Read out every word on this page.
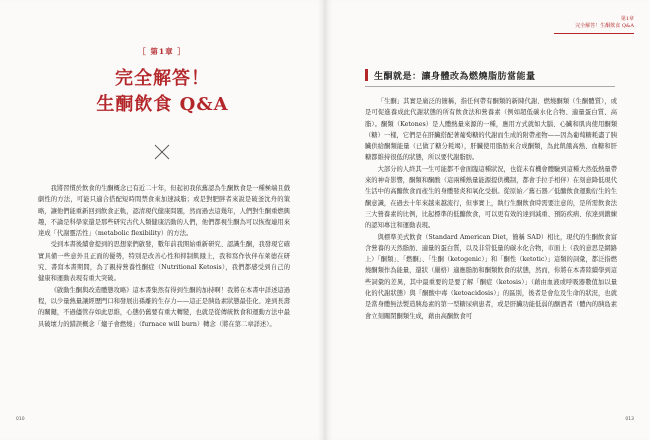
［ 第1章 ］
完全解答！
生酮飲食 Q&A

我將習慣於飲食的生酮概念已有近二十年，但起初我依舊認為生酮飲食是一種極端且戲劇性的方法，可能只適合搭配短時間禁食來加速減脂；或是對肥胖者來說是破釜沈舟的策略，讓他們能重新回到飲食正軌，認清現代健康問題，然而過去這幾年，人們對生酮重燃興趣，不論是科學家還是那些研究古代人類健康活動的人們，他們都視生酮為可以恢復連用來達成「代謝靈活性」（metabolic flexibility）的方法。

受到本書後續會提到的思想家們啟發，數年前我開始重新研究、認識生酮，我發現它確實具備一些意外且正面的優勢，特別是改善心性和抑制飢餓上，我和寫作伙伴布萊德在研究、書寫本書期間，為了親持營養性酮症（Nutritional Ketosis），我們都感受到自己的健康和運動表現有重大突破。

《啟動生酮與改造體態攻略》這本書集然有得到生酮的加持啊！我將在本書中詳述這過程，以少量熱量讓經歷門口和發展出孫離的生存力——這正是胰島素狀態最佳化、達到長壽的關鍵，不過儘管存如此思維，心態仍舊要有重大轉變，也就是從傳統飲食和運動方法中最具破壞力的錯誤概念「爐子會燃燒」（furnace will burn）轉念（將在第二章詳述）。

010
第1章
完全解答！生酮飲食 Q&A
生酮就是：讓身體改為燃燒脂肪當能量

「生酮」其實是廣泛的簡稱，指任何帶有酮類的新陳代謝、燃燒酮類（生酮體質），或是可促進養成此代謝狀態的所有飲食法和營養素（例如超低碳水化合物、適量蛋白質、高脂）。酮類（Ketones）是人體熱量來源的一種，應用方式就如大腦、心臟和肌肉使用酮類（糖）一樣，它們是在肝臟搭配著葡萄糖的代謝而生成的附帶產物——因為葡萄糖耗盡了胰臟供給酮類能量（已做了糖分耗竭），肝臟使用脂肪來合成酮類，為此飢餓高熱、血糖和肝糖都維持很低的狀態，所以要代謝脂肪。

大部分的人終其一生可能都不會面臨這種狀況，也從未有機會體驗到這種大然低熱量帶來的神奇影響，酮類和酮酸（這兩種熱量能源提供機制，都會手拉手相伴）在刻意降低現代生活中的高醣飲食而產生的身體發炎和氧化受損。從原始／舊石器／低醣飲食運動衍生的生酮意識，在過去十年來越來越流行，但事實上，執行生酮飲食時需要注意的，是所需飲食法三大營養素的比例，比起標準的低醣飲食，可以更有效的達到減重、預防疾病、依達到鍛練的認知專注和運動表現。

與標準美式飲食（Standard American Diet，簡稱 SAD）相比，現代的生酮飲食富含營養的天然脂肪、適量的蛋白質，以及非常低量的碳水化合物，市面上（我的意思是網路上）「酮類」、「燃酮」、「生酮（ketogenic）」和「酮性（ketotic）」這類的詞彙，都泛指燃燒酮類作為能量，還狀（嚴格）適應脂肪和酮類飲食的狀態，然而，你將在本書陸續學到這些詞彙的差異，其中最重要的是要了解「酮症（ketosis）」（藉由血液或呼吸器數值加以量化的代謝狀態）與「酮酸中毒（ketoacidosis）」的區別，後者是會危及生命的狀況，也就是當身體無法製造胰島素的第一型糖尿病患者，或是肝臟功能低弱的酗酒者（體內的胰島素會立刻關閉酮類生成，藉由高酮飲食可

013
